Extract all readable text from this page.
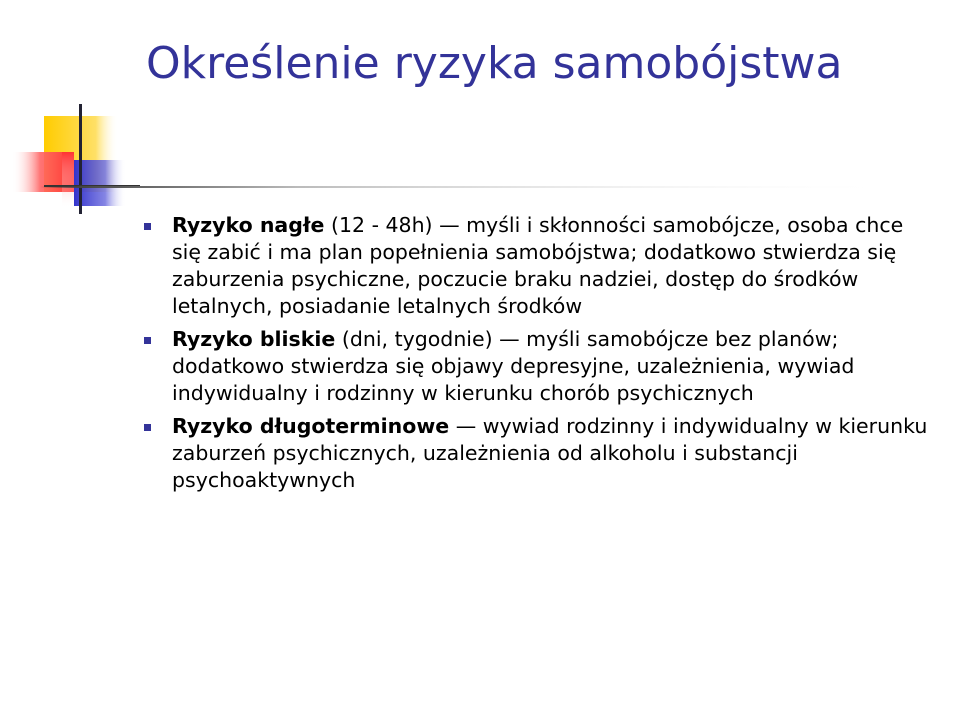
Określenie ryzyka samobójstwa
Ryzyko nagłe (12 - 48h) — myśli i skłonności samobójcze, osoba chce się zabić i ma plan popełnienia samobójstwa; dodatkowo stwierdza się zaburzenia psychiczne, poczucie braku nadziei, dostęp do środków letalnych, posiadanie letalnych środków
Ryzyko bliskie (dni, tygodnie) — myśli samobójcze bez planów; dodatkowo stwierdza się objawy depresyjne, uzależnienia, wywiad indywidualny i rodzinny w kierunku chorób psychicznych
Ryzyko długoterminowe — wywiad rodzinny i indywidualny w kierunku zaburzeń psychicznych, uzależnienia od alkoholu i substancji psychoaktywnych
